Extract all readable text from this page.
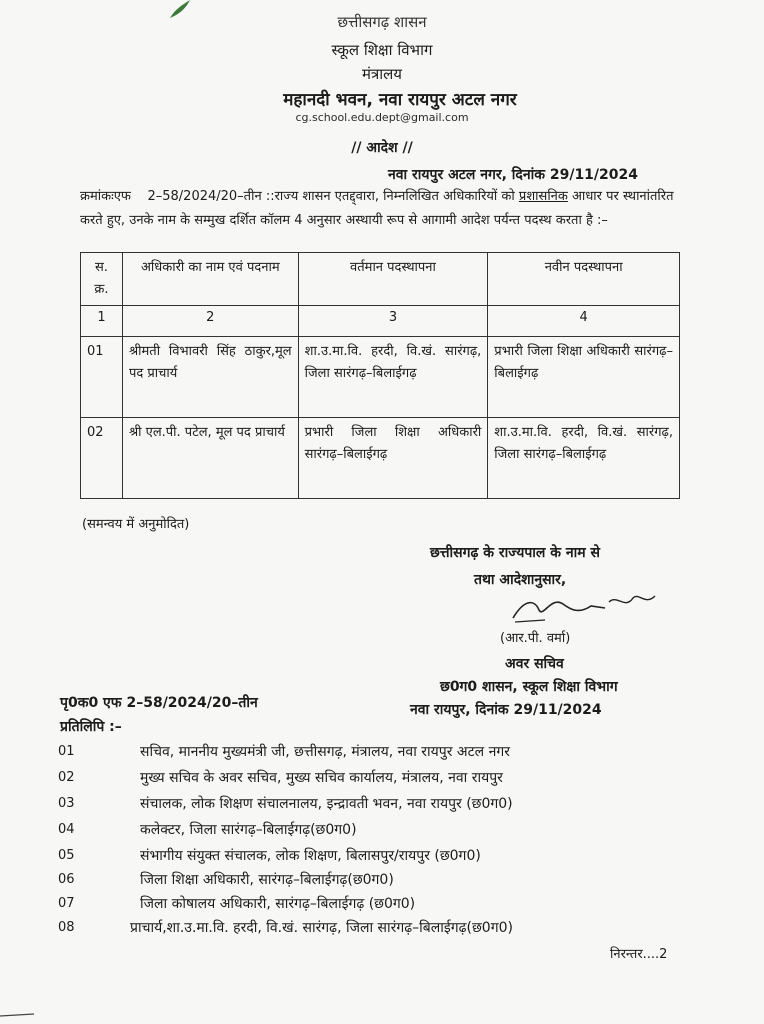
छत्तीसगढ़ शासन
स्कूल शिक्षा विभाग
मंत्रालय
महानदी भवन, नवा रायपुर अटल नगर
cg.school.edu.dept@gmail.com
// आदेश //
नवा रायपुर अटल नगर, दिनांक 29/11/2024
क्रमांकःएफ 2–58/2024/20–तीन ::राज्य शासन एतद्द्वारा, निम्नलिखित अधिकारियों को प्रशासनिक आधार पर स्थानांतरित करते हुए, उनके नाम के सम्मुख दर्शित कॉलम 4 अनुसार अस्थायी रूप से आगामी आदेश पर्यन्त पदस्थ करता है :–
स. क्र.	अधिकारी का नाम एवं पदनाम	वर्तमान पदस्थापना	नवीन पदस्थापना
1	2	3	4
01	श्रीमती विभावरी सिंह ठाकुर,मूल पद प्राचार्य	शा.उ.मा.वि. हरदी, वि.खं. सारंगढ़, जिला सारंगढ़–बिलाईगढ़	प्रभारी जिला शिक्षा अधिकारी सारंगढ़–बिलाईगढ़
02	श्री एल.पी. पटेल, मूल पद प्राचार्य	प्रभारी जिला शिक्षा अधिकारी सारंगढ़–बिलाईगढ़	शा.उ.मा.वि. हरदी, वि.खं. सारंगढ़, जिला सारंगढ़–बिलाईगढ़
(समन्वय में अनुमोदित)
छत्तीसगढ़ के राज्यपाल के नाम से
तथा आदेशानुसार,
(आर.पी. वर्मा)
अवर सचिव
छ0ग0 शासन, स्कूल शिक्षा विभाग
नवा रायपुर, दिनांक 29/11/2024
पृ0क0 एफ 2–58/2024/20–तीन
प्रतिलिपि :–
01	सचिव, माननीय मुख्यमंत्री जी, छत्तीसगढ़, मंत्रालय, नवा रायपुर अटल नगर
02	मुख्य सचिव के अवर सचिव, मुख्य सचिव कार्यालय, मंत्रालय, नवा रायपुर
03	संचालक, लोक शिक्षण संचालनालय, इन्द्रावती भवन, नवा रायपुर (छ0ग0)
04	कलेक्टर, जिला सारंगढ़–बिलाईगढ़(छ0ग0)
05	संभागीय संयुक्त संचालक, लोक शिक्षण, बिलासपुर/रायपुर (छ0ग0)
06	जिला शिक्षा अधिकारी, सारंगढ़–बिलाईगढ़(छ0ग0)
07	जिला कोषालय अधिकारी, सारंगढ़–बिलाईगढ़ (छ0ग0)
08	प्राचार्य,शा.उ.मा.वि. हरदी, वि.खं. सारंगढ़, जिला सारंगढ़–बिलाईगढ़(छ0ग0)
निरन्तर....2
